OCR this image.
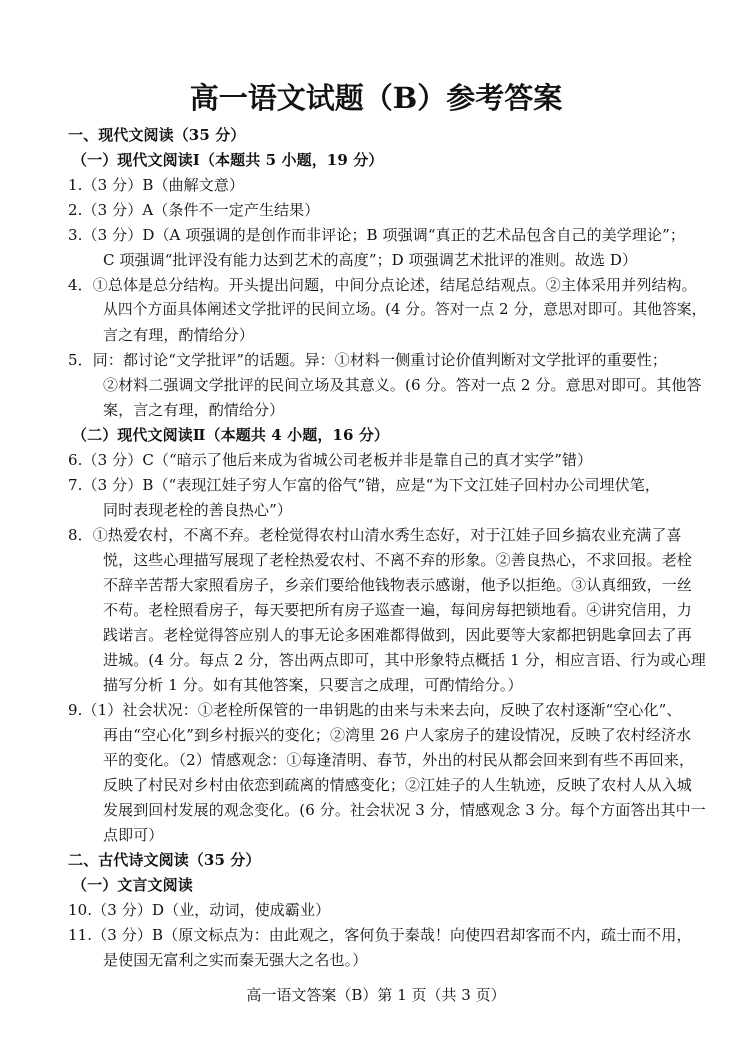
高一语文试题（B）参考答案
一、现代文阅读（35 分）
（一）现代文阅读Ⅰ（本题共 5 小题，19 分）
1.（3 分）B（曲解文意）
2.（3 分）A（条件不一定产生结果）
3.（3 分）D（A 项强调的是创作而非评论；B 项强调“真正的艺术品包含自己的美学理论”；
C 项强调“批评没有能力达到艺术的高度”；D 项强调艺术批评的准则。故选 D）
4．①总体是总分结构。开头提出问题，中间分点论述，结尾总结观点。②主体采用并列结构。
从四个方面具体阐述文学批评的民间立场。(4 分。答对一点 2 分，意思对即可。其他答案，
言之有理，酌情给分）
5．同：都讨论“文学批评”的话题。异：①材料一侧重讨论价值判断对文学批评的重要性；
②材料二强调文学批评的民间立场及其意义。(6 分。答对一点 2 分。意思对即可。其他答
案，言之有理，酌情给分）
（二）现代文阅读Ⅱ（本题共 4 小题，16 分）
6.（3 分）C（“暗示了他后来成为省城公司老板并非是靠自己的真才实学”错）
7.（3 分）B（“表现江娃子穷人乍富的俗气”错，应是“为下文江娃子回村办公司埋伏笔，
同时表现老栓的善良热心”）
8．①热爱农村，不离不弃。老栓觉得农村山清水秀生态好，对于江娃子回乡搞农业充满了喜
悦，这些心理描写展现了老栓热爱农村、不离不弃的形象。②善良热心，不求回报。老栓
不辞辛苦帮大家照看房子，乡亲们要给他钱物表示感谢，他予以拒绝。③认真细致，一丝
不苟。老栓照看房子，每天要把所有房子巡查一遍，每间房每把锁地看。④讲究信用，力
践诺言。老栓觉得答应别人的事无论多困难都得做到，因此要等大家都把钥匙拿回去了再
进城。(4 分。每点 2 分，答出两点即可，其中形象特点概括 1 分，相应言语、行为或心理
描写分析 1 分。如有其他答案，只要言之成理，可酌情给分。）
9.（1）社会状况：①老栓所保管的一串钥匙的由来与未来去向，反映了农村逐渐“空心化”、
再由“空心化”到乡村振兴的变化；②湾里 26 户人家房子的建设情况，反映了农村经济水
平的变化。（2）情感观念：①每逢清明、春节，外出的村民从都会回来到有些不再回来，
反映了村民对乡村由依恋到疏离的情感变化；②江娃子的人生轨迹，反映了农村人从入城
发展到回村发展的观念变化。(6 分。社会状况 3 分，情感观念 3 分。每个方面答出其中一
点即可）
二、古代诗文阅读（35 分）
（一）文言文阅读
10.（3 分）D（业，动词，使成霸业）
11.（3 分）B（原文标点为：由此观之，客何负于秦哉！向使四君却客而不内，疏士而不用，
是使国无富利之实而秦无强大之名也。）
高一语文答案（B）第 1 页（共 3 页）
